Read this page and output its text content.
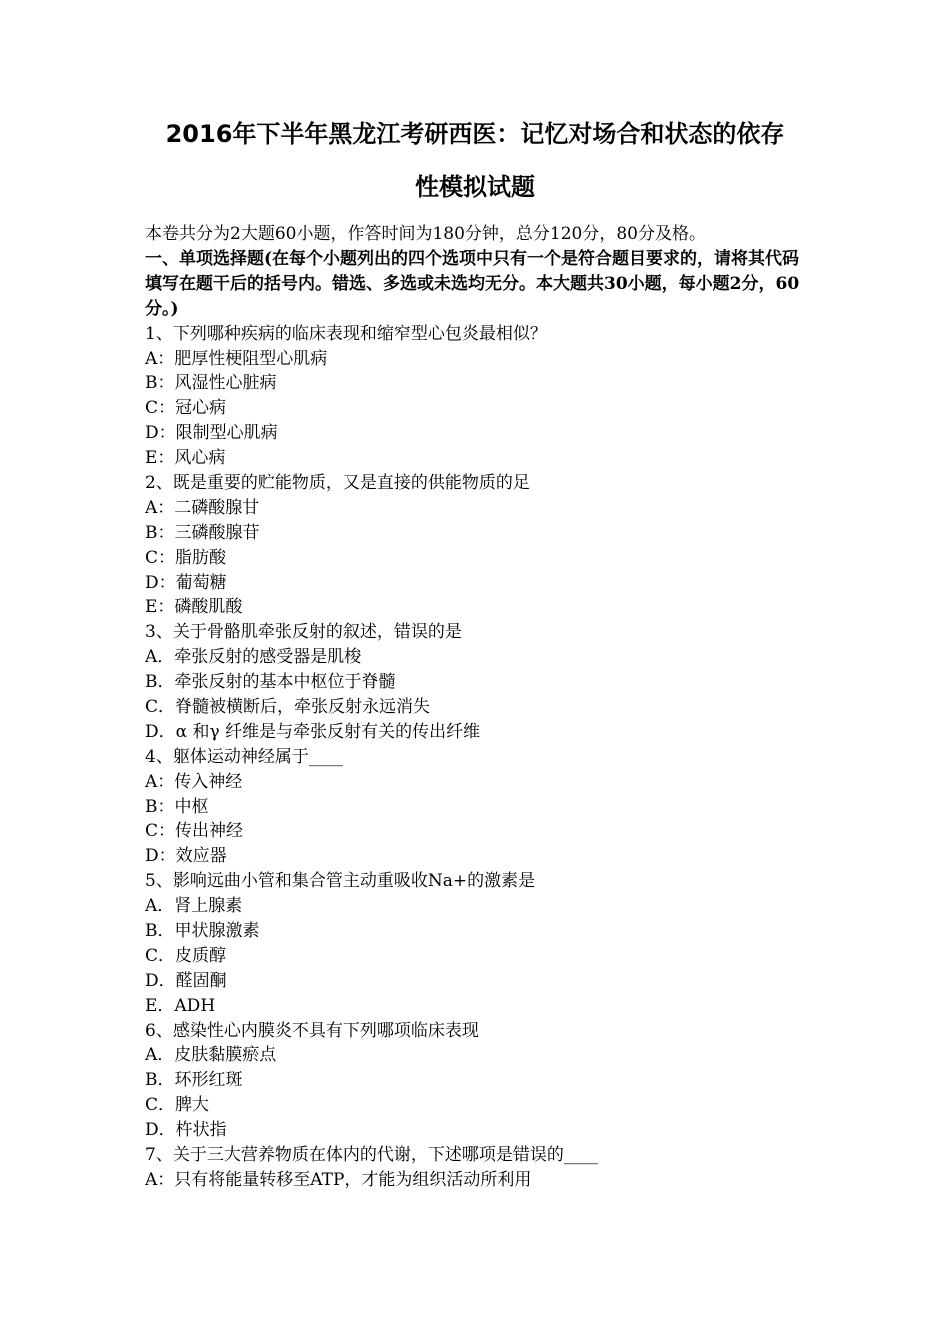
2016年下半年黑龙江考研西医：记忆对场合和状态的依存
性模拟试题
本卷共分为2大题60小题，作答时间为180分钟，总分120分，80分及格。
一、单项选择题(在每个小题列出的四个选项中只有一个是符合题目要求的，请将其代码填写在题干后的括号内。错选、多选或未选均无分。本大题共30小题，每小题2分，60分。)
1、下列哪种疾病的临床表现和缩窄型心包炎最相似？
A：肥厚性梗阻型心肌病
B：风湿性心脏病
C：冠心病
D：限制型心肌病
E：风心病
2、既是重要的贮能物质，又是直接的供能物质的足
A：二磷酸腺甘
B：三磷酸腺苷
C：脂肪酸
D：葡萄糖
E：磷酸肌酸
3、关于骨骼肌牵张反射的叙述，错误的是
A．牵张反射的感受器是肌梭
B．牵张反射的基本中枢位于脊髓
C．脊髓被横断后，牵张反射永远消失
D．α 和γ 纤维是与牵张反射有关的传出纤维
4、躯体运动神经属于____
A：传入神经
B：中枢
C：传出神经
D：效应器
5、影响远曲小管和集合管主动重吸收Na+的激素是
A．肾上腺素
B．甲状腺激素
C．皮质醇
D．醛固酮
E．ADH
6、感染性心内膜炎不具有下列哪项临床表现
A．皮肤黏膜瘀点
B．环形红斑
C．脾大
D．杵状指
7、关于三大营养物质在体内的代谢，下述哪项是错误的____
A：只有将能量转移至ATP，才能为组织活动所利用
